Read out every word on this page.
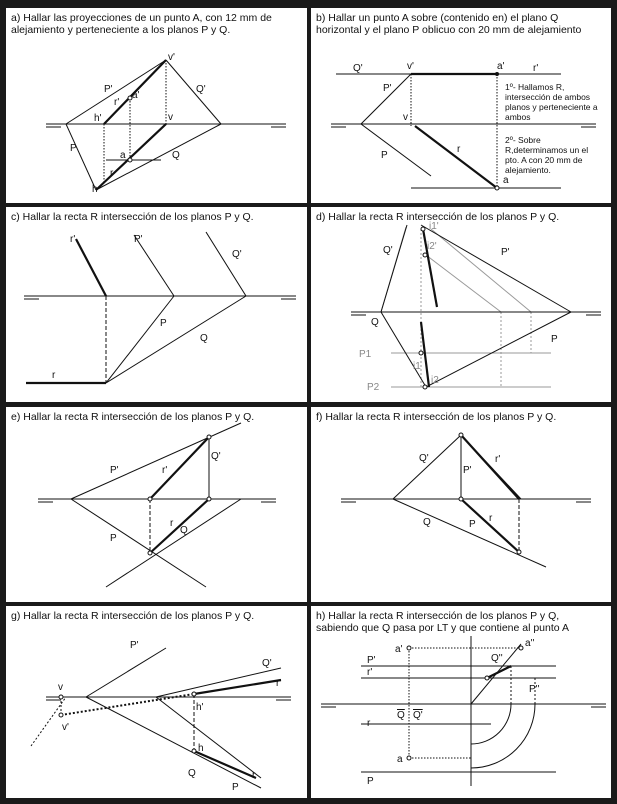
a) Hallar las proyecciones de un punto A, con 12 mm de
alejamiento y perteneciente a los planos P y Q.
v'
P'	Q'
r'
a'
h'	v
P
a	Q
r
h
b) Hallar un punto A sobre (contenido en) el plano Q
horizontal y el plano P oblicuo con 20 mm de alejamiento
Q'	v'	a'	r'
P'
v
P
r
a
1º- Hallamos R,
intersección de ambos
planos y perteneciente a
ambos
2º- Sobre
R,determinamos un el
pto. A con 20 mm de
alejamiento.
c) Hallar la recta R intersección de los planos P y Q.
r'	P'
Q'
P
Q
r
d) Hallar la recta R intersección de los planos P y Q.
i1'
i2'
Q'	P'
Q
P
P1
P2
i1
i2
e) Hallar la recta R intersección de los planos P y Q.
Q'
P'	r'
r
P
Q
f) Hallar la recta R intersección de los planos P y Q.
Q'
P'
r'
Q	P
r
g) Hallar la recta R intersección de los planos P y Q.
P'
Q'
r'
v
v'
h'
h
Q
P
r
h) Hallar la recta R intersección de los planos P y Q,
sabiendo que Q pasa por LT y que contiene al punto A
P'
a'
r'
Q''
a''
P''
Q Q'
r
a
P
